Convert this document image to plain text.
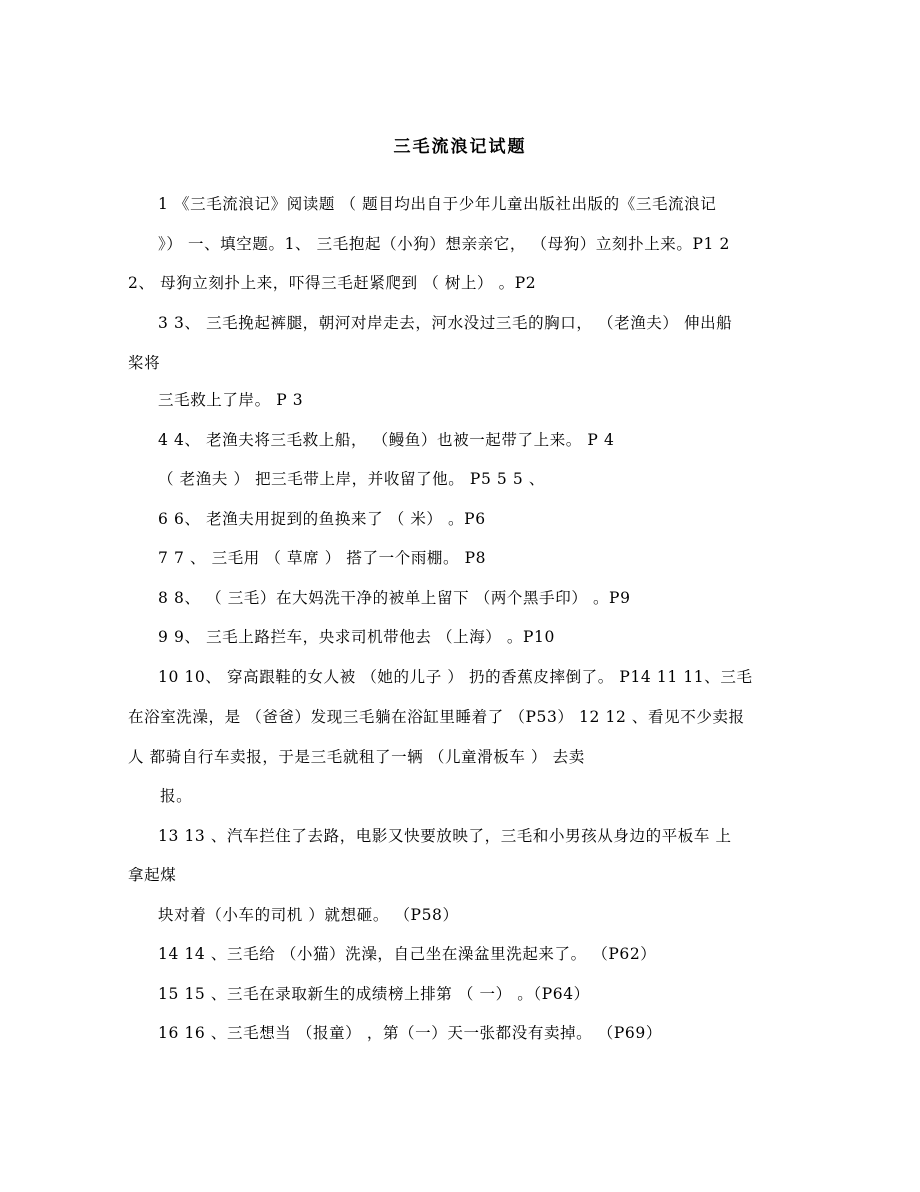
三毛流浪记试题
1 《三毛流浪记》阅读题 （ 题目均出自于少年儿童出版社出版的《三毛流浪记
》） 一、填空题。1、 三毛抱起（小狗）想亲亲它， （母狗）立刻扑上来。P1 2
2、 母狗立刻扑上来，吓得三毛赶紧爬到 （ 树上） 。P2
3 3、 三毛挽起裤腿，朝河对岸走去，河水没过三毛的胸口， （老渔夫） 伸出船
桨将
三毛救上了岸。 P 3
4 4、 老渔夫将三毛救上船， （鳗鱼）也被一起带了上来。 P 4
（ 老渔夫 ） 把三毛带上岸，并收留了他。 P5 5 5 、
6 6、 老渔夫用捉到的鱼换来了 （ 米） 。P6
7 7 、 三毛用 （ 草席 ） 搭了一个雨棚。 P8
8 8、 （ 三毛）在大妈洗干净的被单上留下 （两个黑手印） 。P9
9 9、 三毛上路拦车，央求司机带他去 （上海） 。P10
10 10、 穿高跟鞋的女人被 （她的儿子 ） 扔的香蕉皮摔倒了。 P14 11 11、三毛
在浴室洗澡，是 （爸爸）发现三毛躺在浴缸里睡着了 （P53） 12 12 、看见不少卖报
人 都骑自行车卖报，于是三毛就租了一辆 （儿童滑板车 ） 去卖
报。
13 13 、汽车拦住了去路，电影又快要放映了，三毛和小男孩从身边的平板车 上
拿起煤
块对着（小车的司机 ）就想砸。 （P58）
14 14 、三毛给 （小猫）洗澡，自己坐在澡盆里洗起来了。 （P62）
15 15 、三毛在录取新生的成绩榜上排第 （ 一） 。（P64）
16 16 、三毛想当 （报童） ，第（一）天一张都没有卖掉。 （P69）
